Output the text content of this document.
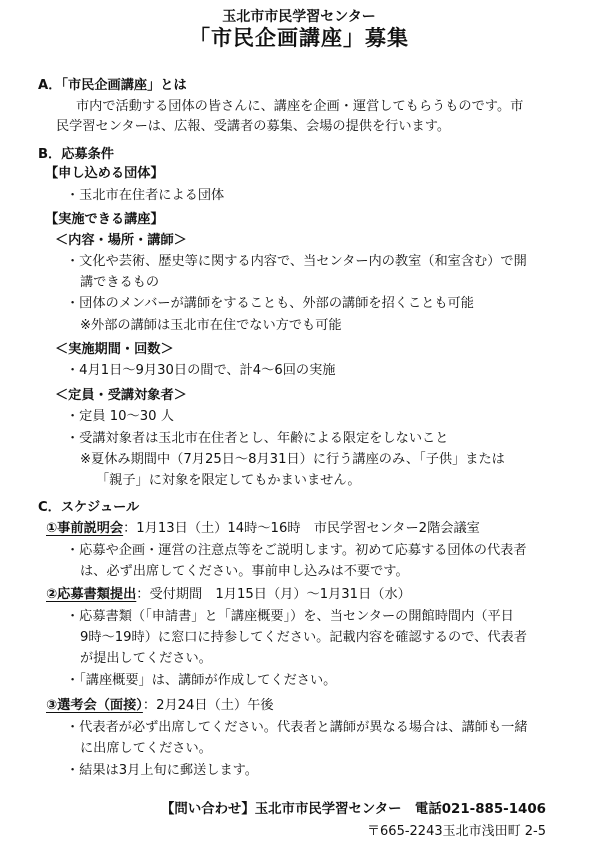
玉北市市民学習センター
「市民企画講座」募集
A．「市民企画講座」とは
市内で活動する団体の皆さんに、講座を企画・運営してもらうものです。市
民学習センターは、広報、受講者の募集、会場の提供を行います。
B．応募条件
【申し込める団体】
・玉北市在住者による団体
【実施できる講座】
＜内容・場所・講師＞
・文化や芸術、歴史等に関する内容で、当センター内の教室（和室含む）で開
講できるもの
・団体のメンバーが講師をすることも、外部の講師を招くことも可能
※外部の講師は玉北市在住でない方でも可能
＜実施期間・回数＞
・4月1日～9月30日の間で、計4～6回の実施
＜定員・受講対象者＞
・定員 10～30 人
・受講対象者は玉北市在住者とし、年齢による限定をしないこと
※夏休み期間中（7月25日～8月31日）に行う講座のみ、「子供」または
「親子」に対象を限定してもかまいません。
C．スケジュール
①事前説明会：1月13日（土）14時～16時　市民学習センター2階会議室
・応募や企画・運営の注意点等をご説明します。初めて応募する団体の代表者
は、必ず出席してください。事前申し込みは不要です。
②応募書類提出：受付期間　1月15日（月）～1月31日（水）
・応募書類（「申請書」と「講座概要」）を、当センターの開館時間内（平日
9時～19時）に窓口に持参してください。記載内容を確認するので、代表者
が提出してください。
・「講座概要」は、講師が作成してください。
③選考会（面接）：2月24日（土）午後
・代表者が必ず出席してください。代表者と講師が異なる場合は、講師も一緒
に出席してください。
・結果は3月上旬に郵送します。
【問い合わせ】玉北市市民学習センター　電話021-885-1406
〒665-2243玉北市浅田町 2-5
